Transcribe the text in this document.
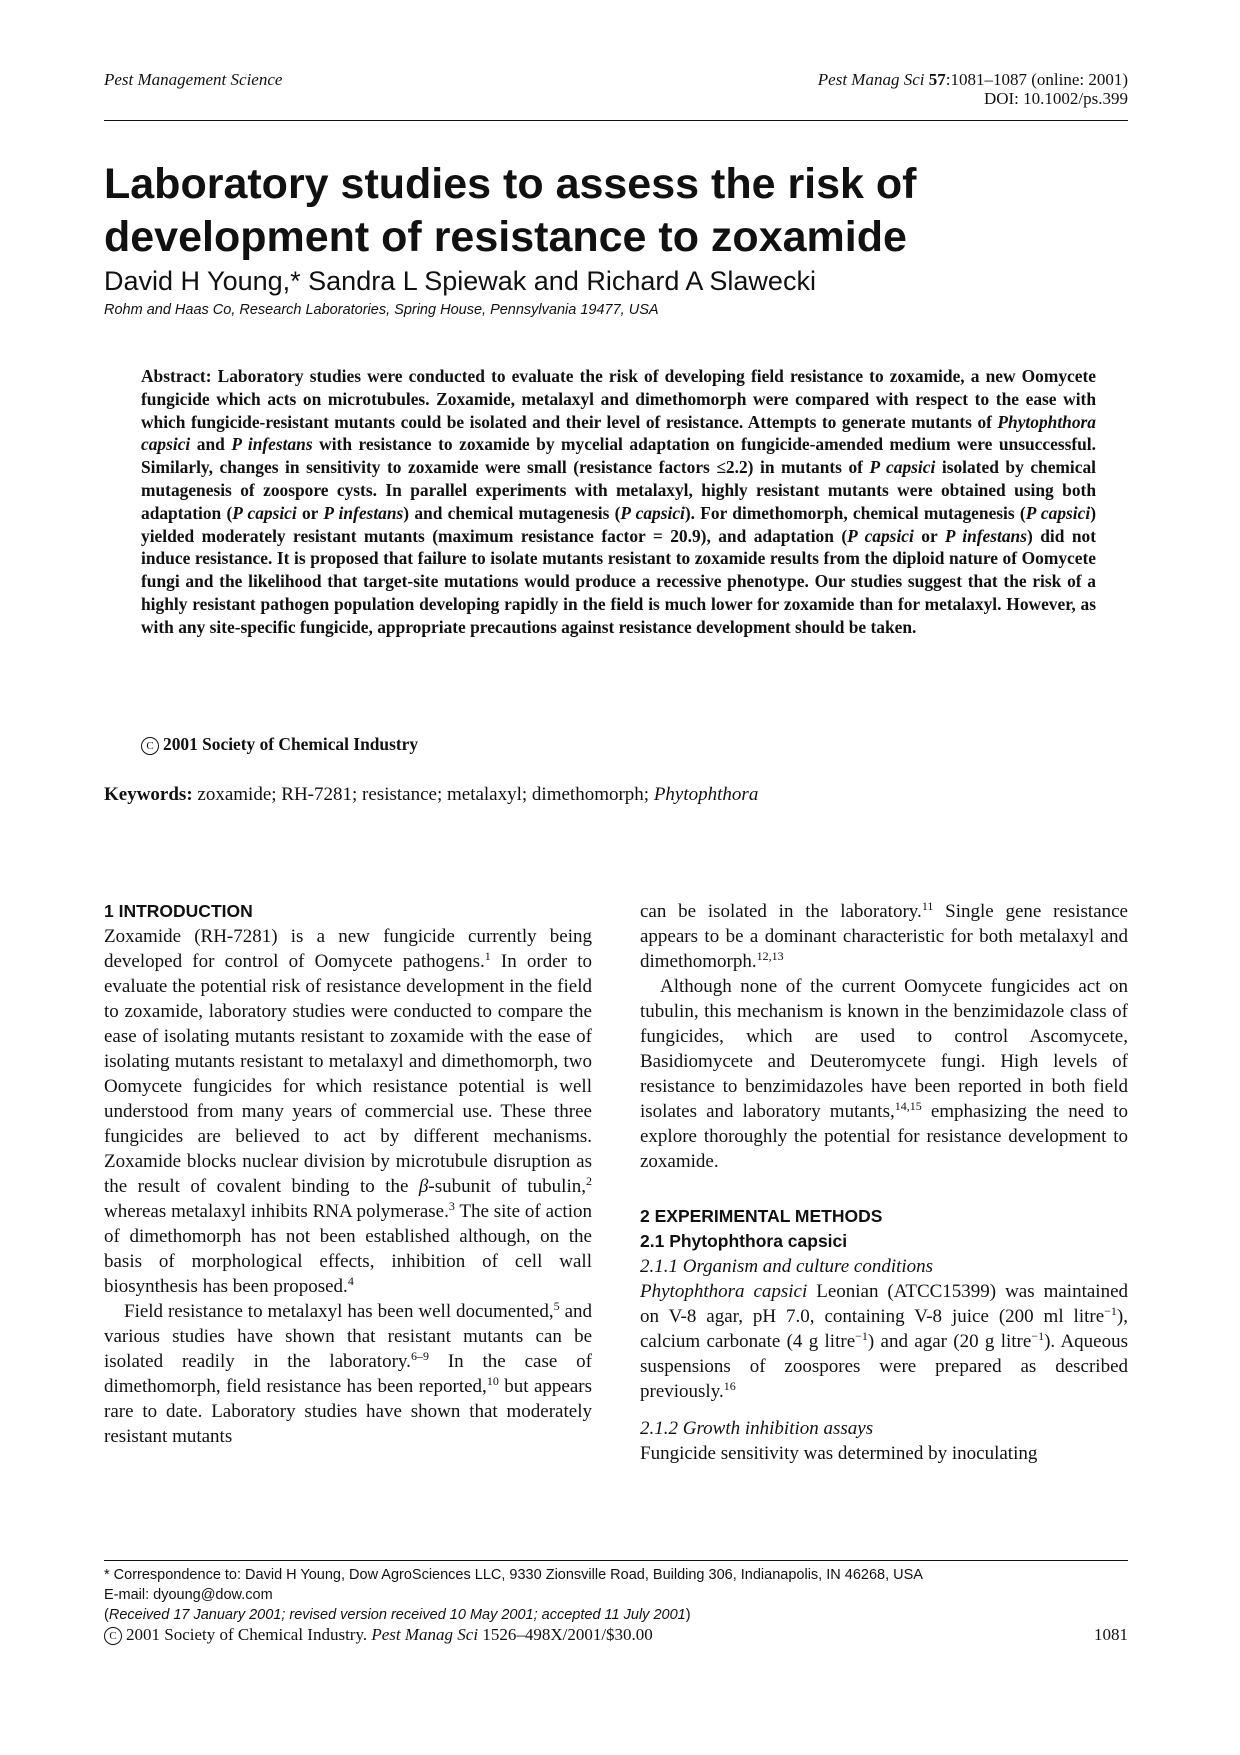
Pest Management Science	Pest Manag Sci 57:1081–1087 (online: 2001)
DOI: 10.1002/ps.399
Laboratory studies to assess the risk of
development of resistance to zoxamide
David H Young,* Sandra L Spiewak and Richard A Slawecki
Rohm and Haas Co, Research Laboratories, Spring House, Pennsylvania 19477, USA

Abstract: Laboratory studies were conducted to evaluate the risk of developing field resistance to zoxamide, a new Oomycete fungicide which acts on microtubules. Zoxamide, metalaxyl and dimethomorph were compared with respect to the ease with which fungicide-resistant mutants could be isolated and their level of resistance. Attempts to generate mutants of Phytophthora capsici and P infestans with resistance to zoxamide by mycelial adaptation on fungicide-amended medium were unsuccessful. Similarly, changes in sensitivity to zoxamide were small (resistance factors ≤2.2) in mutants of P capsici isolated by chemical mutagenesis of zoospore cysts. In parallel experiments with metalaxyl, highly resistant mutants were obtained using both adaptation (P capsici or P infestans) and chemical mutagenesis (P capsici). For dimethomorph, chemical mutagenesis (P capsici) yielded moderately resistant mutants (maximum resistance factor = 20.9), and adaptation (P capsici or P infestans) did not induce resistance. It is proposed that failure to isolate mutants resistant to zoxamide results from the diploid nature of Oomycete fungi and the likelihood that target-site mutations would produce a recessive phenotype. Our studies suggest that the risk of a highly resistant pathogen population developing rapidly in the field is much lower for zoxamide than for metalaxyl. However, as with any site-specific fungicide, appropriate precautions against resistance development should be taken.

C 2001 Society of Chemical Industry
Keywords: zoxamide; RH-7281; resistance; metalaxyl; dimethomorph; Phytophthora
1 INTRODUCTION

Zoxamide (RH-7281) is a new fungicide currently being developed for control of Oomycete pathogens.$^1$ In order to evaluate the potential risk of resistance development in the field to zoxamide, laboratory studies were conducted to compare the ease of isolating mutants resistant to zoxamide with the ease of isolating mutants resistant to metalaxyl and dimethomorph, two Oomycete fungicides for which resistance potential is well understood from many years of commercial use. These three fungicides are believed to act by different mechanisms. Zoxamide blocks nuclear division by microtubule disruption as the result of covalent binding to the β-subunit of tubulin,$^2$ whereas metalaxyl inhibits RNA polymerase.$^3$ The site of action of dimethomorph has not been established although, on the basis of morphological effects, inhibition of cell wall biosynthesis has been proposed.$^4$

Field resistance to metalaxyl has been well documented,$^5$ and various studies have shown that resistant mutants can be isolated readily in the laboratory.$^{6-9}$ In the case of dimethomorph, field resistance has been reported,$^{10}$ but appears rare to date. Laboratory studies have shown that moderately resistant mutants

can be isolated in the laboratory.$^{11}$ Single gene resistance appears to be a dominant characteristic for both metalaxyl and dimethomorph.$^{12,13}$

Although none of the current Oomycete fungicides act on tubulin, this mechanism is known in the benzimidazole class of fungicides, which are used to control Ascomycete, Basidiomycete and Deuteromycete fungi. High levels of resistance to benzimidazoles have been reported in both field isolates and laboratory mutants,$^{14,15}$ emphasizing the need to explore thoroughly the potential for resistance development to zoxamide.

2 EXPERIMENTAL METHODS
2.1 Phytophthora capsici
2.1.1 Organism and culture conditions

Phytophthora capsici Leonian (ATCC15399) was maintained on V-8 agar, pH 7.0, containing V-8 juice (200 ml litre$^{-1}$), calcium carbonate (4 g litre$^{-1}$) and agar (20 g litre$^{-1}$). Aqueous suspensions of zoospores were prepared as described previously.$^{16}$

2.1.2 Growth inhibition assays

Fungicide sensitivity was determined by inoculating

* Correspondence to: David H Young, Dow AgroSciences LLC, 9330 Zionsville Road, Building 306, Indianapolis, IN 46268, USA

E-mail: dyoung@dow.com

(Received 17 January 2001; revised version received 10 May 2001; accepted 11 July 2001)

C 2001 Society of Chemical Industry. Pest Manag Sci 1526–498X/2001/$30.00	1081
